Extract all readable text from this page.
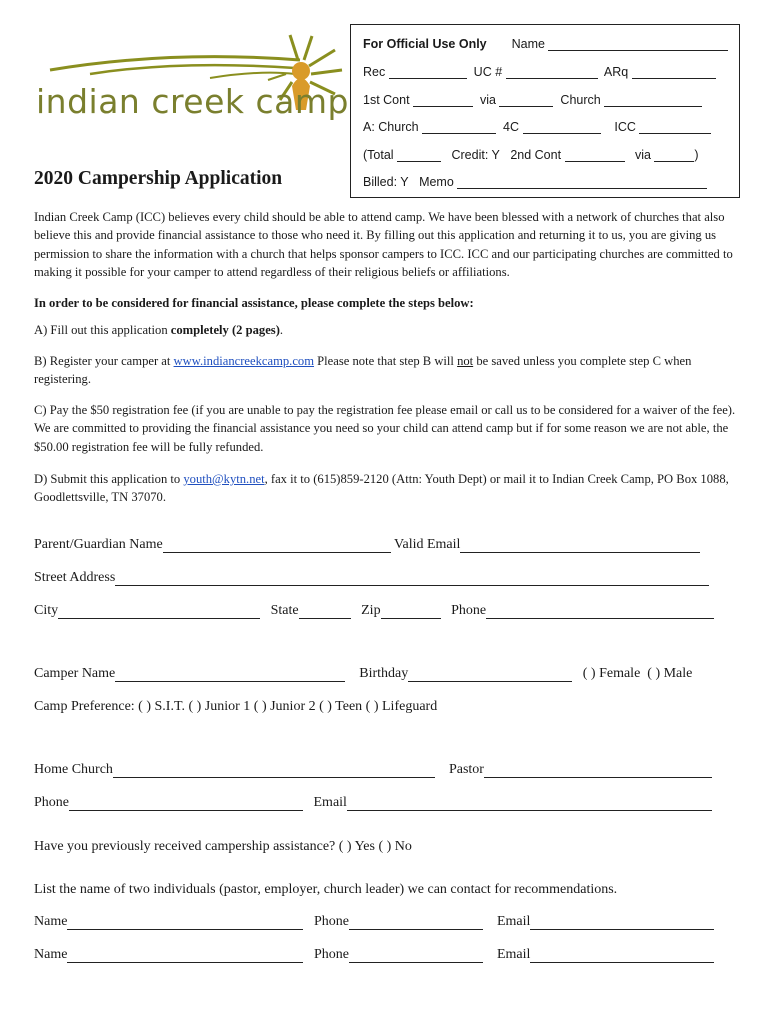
indian creek camp
For Official Use Only Name
Rec	UC #	ARq
1st Cont	via	Church
A: Church	4C	ICC
(Total	Credit: Y 2nd Cont	via	)
Billed: Y Memo
2020 Campership Application
Indian Creek Camp (ICC) believes every child should be able to attend camp. We have been blessed with a network of churches that also believe this and provide financial assistance to those who need it. By filling out this application and returning it to us, you are giving us permission to share the information with a church that helps sponsor campers to ICC. ICC and our participating churches are committed to making it possible for your camper to attend regardless of their religious beliefs or affiliations.
In order to be considered for financial assistance, please complete the steps below:
A) Fill out this application completely (2 pages).
B) Register your camper at www.indiancreekcamp.com Please note that step B will not be saved unless you complete step C when registering.
C) Pay the $50 registration fee (if you are unable to pay the registration fee please email or call us to be considered for a waiver of the fee). We are committed to providing the financial assistance you need so your child can attend camp but if for some reason we are not able, the $50.00 registration fee will be fully refunded.
D) Submit this application to youth@kytn.net, fax it to (615)859-2120 (Attn: Youth Dept) or mail it to Indian Creek Camp, PO Box 1088, Goodlettsville, TN 37070.
Parent/Guardian Name	Valid Email
Street Address
City	State	Zip	Phone
Camper Name	Birthday	( ) Female ( ) Male
Camp Preference: ( ) S.I.T. ( ) Junior 1 ( ) Junior 2 ( ) Teen ( ) Lifeguard
Home Church	Pastor
Phone	Email
Have you previously received campership assistance? ( ) Yes ( ) No
List the name of two individuals (pastor, employer, church leader) we can contact for recommendations.
Name	Phone	Email
Name	Phone	Email
